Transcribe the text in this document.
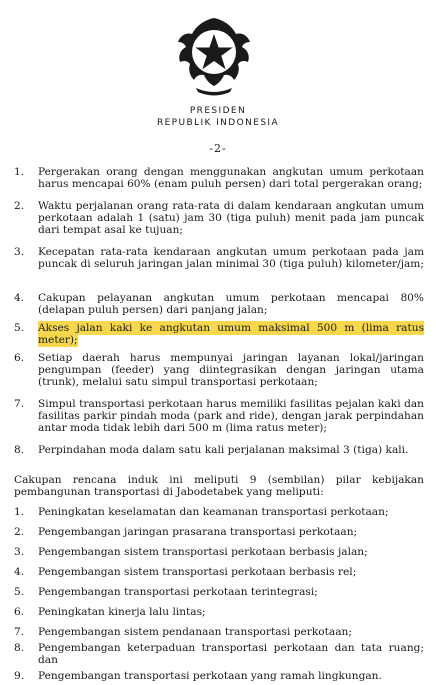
PRESIDEN
REPUBLIK INDONESIA
-2-
1.	Pergerakan orang dengan menggunakan angkutan umum perkotaan harus mencapai 60% (enam puluh persen) dari total pergerakan orang;
2.	Waktu perjalanan orang rata-rata di dalam kendaraan angkutan umum perkotaan adalah 1 (satu) jam 30 (tiga puluh) menit pada jam puncak dari tempat asal ke tujuan;
3.	Kecepatan rata-rata kendaraan angkutan umum perkotaan pada jam puncak di seluruh jaringan jalan minimal 30 (tiga puluh) kilometer/jam;
4.	Cakupan pelayanan angkutan umum perkotaan mencapai 80% (delapan puluh persen) dari panjang jalan;
5.	Akses jalan kaki ke angkutan umum maksimal 500 m (lima ratus meter);
6.	Setiap daerah harus mempunyai jaringan layanan lokal/jaringan pengumpan (feeder) yang diintegrasikan dengan jaringan utama (trunk), melalui satu simpul transportasi perkotaan;
7.	Simpul transportasi perkotaan harus memiliki fasilitas pejalan kaki dan fasilitas parkir pindah moda (park and ride), dengan jarak perpindahan antar moda tidak lebih dari 500 m (lima ratus meter);
8.	Perpindahan moda dalam satu kali perjalanan maksimal 3 (tiga) kali.
Cakupan rencana induk ini meliputi 9 (sembilan) pilar kebijakan pembangunan transportasi di Jabodetabek yang meliputi:
1.	Peningkatan keselamatan dan keamanan transportasi perkotaan;
2.	Pengembangan jaringan prasarana transportasi perkotaan;
3.	Pengembangan sistem transportasi perkotaan berbasis jalan;
4.	Pengembangan sistem transportasi perkotaan berbasis rel;
5.	Pengembangan transportasi perkotaan terintegrasi;
6.	Peningkatan kinerja lalu lintas;
7.	Pengembangan sistem pendanaan transportasi perkotaan;
8.	Pengembangan keterpaduan transportasi perkotaan dan tata ruang; dan
9.	Pengembangan transportasi perkotaan yang ramah lingkungan.
